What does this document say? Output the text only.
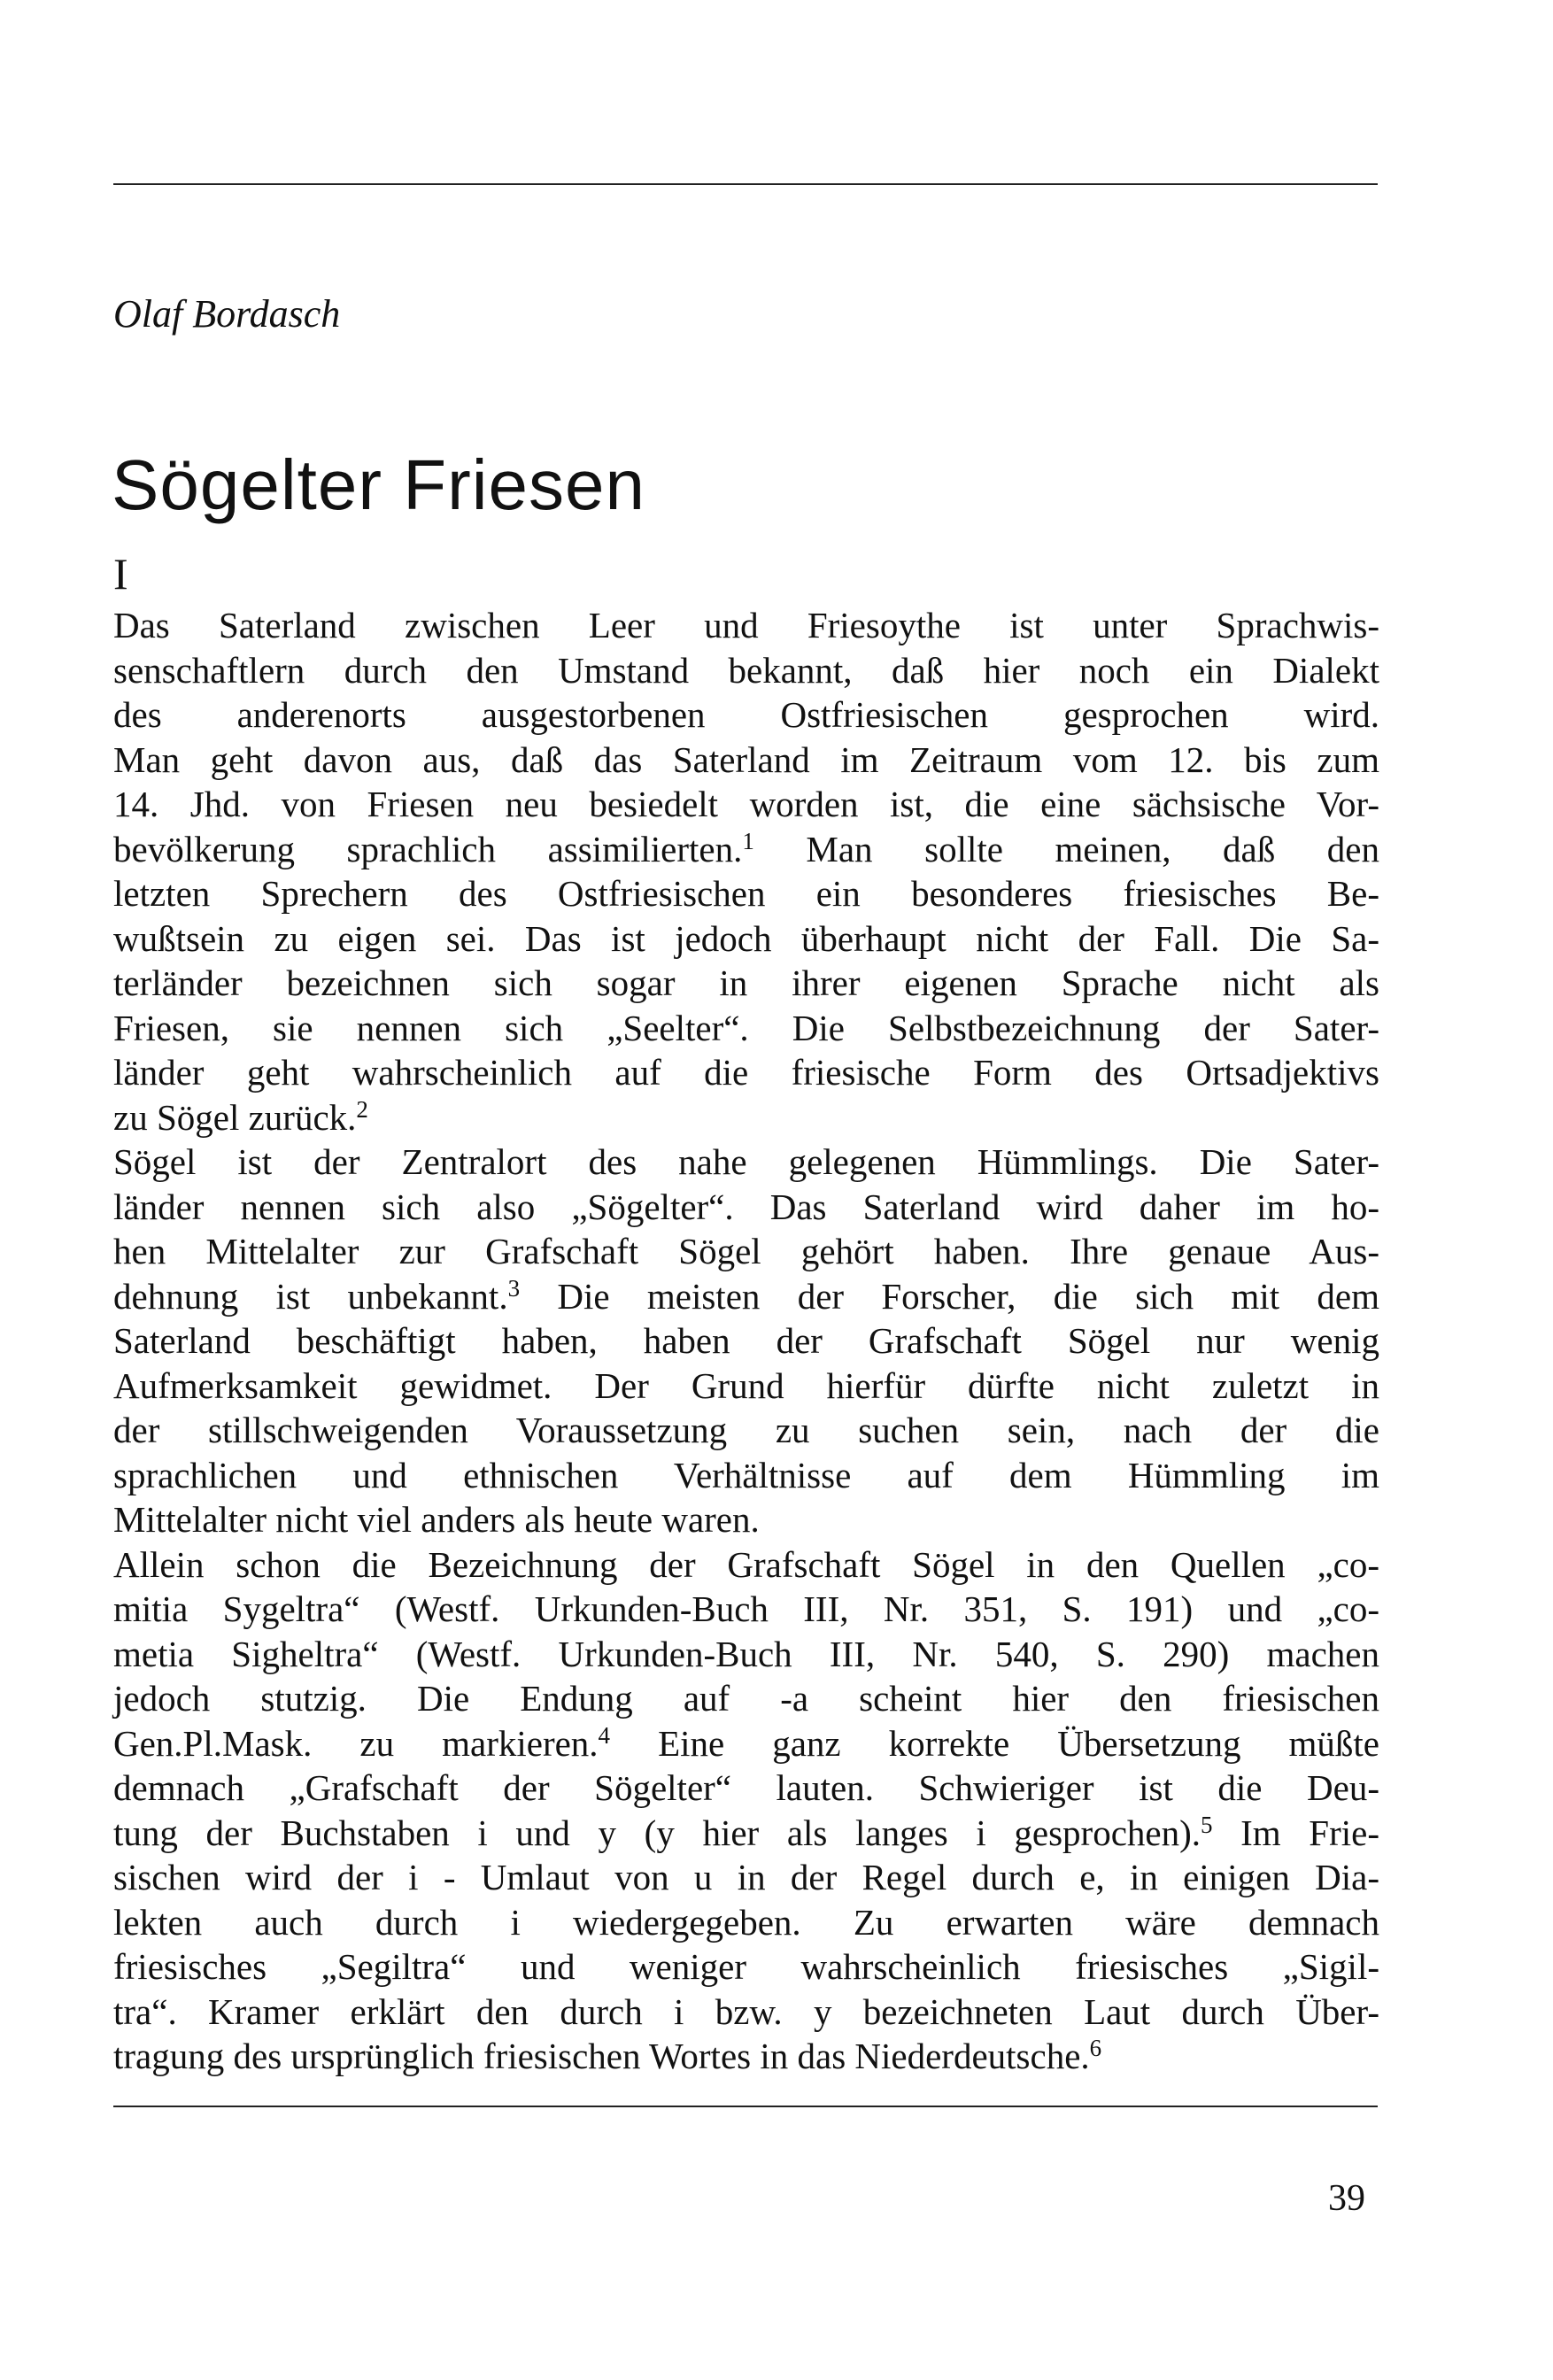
Olaf Bordasch
Sögelter Friesen
I
Das Saterland zwischen Leer und Friesoythe ist unter Sprachwis-
senschaftlern durch den Umstand bekannt, daß hier noch ein Dialekt
des anderenorts ausgestorbenen Ostfriesischen gesprochen wird.
Man geht davon aus, daß das Saterland im Zeitraum vom 12. bis zum
14. Jhd. von Friesen neu besiedelt worden ist, die eine sächsische Vor-
bevölkerung sprachlich assimilierten.$^1$ Man sollte meinen, daß den
letzten Sprechern des Ostfriesischen ein besonderes friesisches Be-
wußtsein zu eigen sei. Das ist jedoch überhaupt nicht der Fall. Die Sa-
terländer bezeichnen sich sogar in ihrer eigenen Sprache nicht als
Friesen, sie nennen sich „Seelter“. Die Selbstbezeichnung der Sater-
länder geht wahrscheinlich auf die friesische Form des Ortsadjektivs
zu Sögel zurück.$^2$
Sögel ist der Zentralort des nahe gelegenen Hümmlings. Die Sater-
länder nennen sich also „Sögelter“. Das Saterland wird daher im ho-
hen Mittelalter zur Grafschaft Sögel gehört haben. Ihre genaue Aus-
dehnung ist unbekannt.$^3$ Die meisten der Forscher, die sich mit dem
Saterland beschäftigt haben, haben der Grafschaft Sögel nur wenig
Aufmerksamkeit gewidmet. Der Grund hierfür dürfte nicht zuletzt in
der stillschweigenden Voraussetzung zu suchen sein, nach der die
sprachlichen und ethnischen Verhältnisse auf dem Hümmling im
Mittelalter nicht viel anders als heute waren.
Allein schon die Bezeichnung der Grafschaft Sögel in den Quellen „co-
mitia Sygeltra“ (Westf. Urkunden-Buch III, Nr. 351, S. 191) und „co-
metia Sigheltra“ (Westf. Urkunden-Buch III, Nr. 540, S. 290) machen
jedoch stutzig. Die Endung auf -a scheint hier den friesischen
Gen.Pl.Mask. zu markieren.$^4$ Eine ganz korrekte Übersetzung müßte
demnach „Grafschaft der Sögelter“ lauten. Schwieriger ist die Deu-
tung der Buchstaben i und y (y hier als langes i gesprochen).$^5$ Im Frie-
sischen wird der i - Umlaut von u in der Regel durch e, in einigen Dia-
lekten auch durch i wiedergegeben. Zu erwarten wäre demnach
friesisches „Segiltra“ und weniger wahrscheinlich friesisches „Sigil-
tra“. Kramer erklärt den durch i bzw. y bezeichneten Laut durch Über-
tragung des ursprünglich friesischen Wortes in das Niederdeutsche.$^6$
39
